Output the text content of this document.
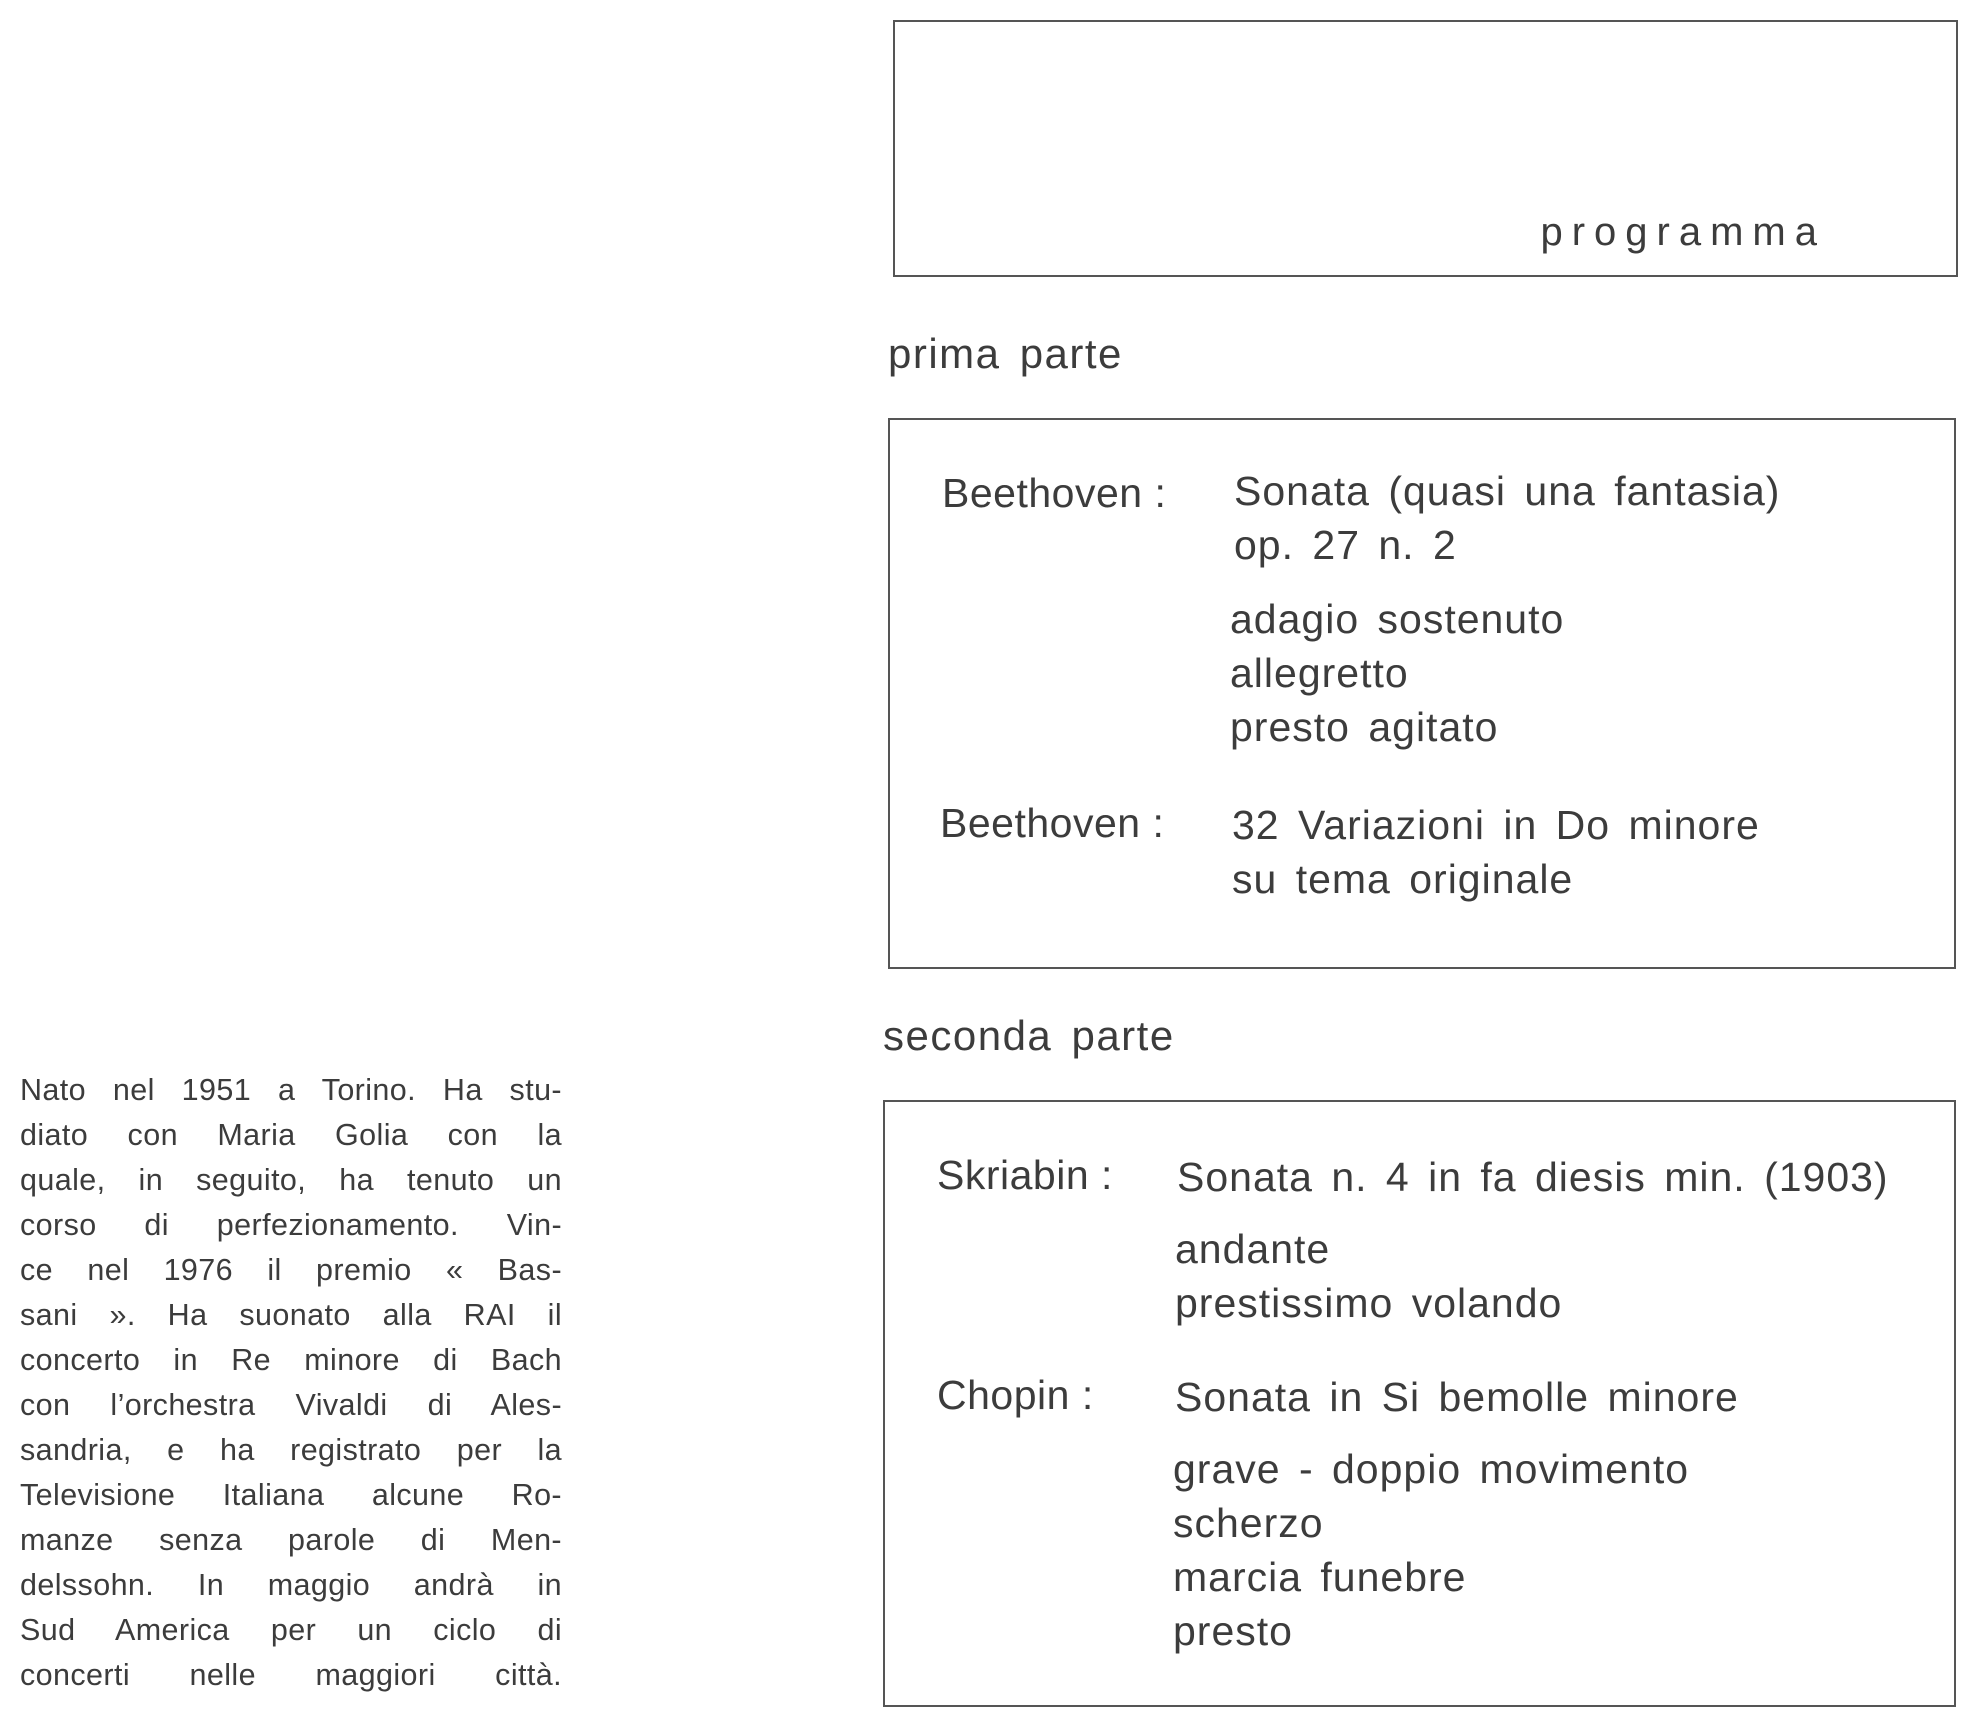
Nato nel 1951 a Torino. Ha stu-
diato con Maria Golia con la
quale, in seguito, ha tenuto un
corso di perfezionamento. Vin-
ce nel 1976 il premio « Bas-
sani ». Ha suonato alla RAI il
concerto in Re minore di Bach
con l’orchestra Vivaldi di Ales-
sandria, e ha registrato per la
Televisione Italiana alcune Ro-
manze senza parole di Men-
delssohn. In maggio andrà in
Sud America per un ciclo di
concerti nelle maggiori città.

programma
prima parte
Beethoven : Sonata (quasi una fantasia)
op. 27 n. 2
adagio sostenuto
allegretto
presto agitato
Beethoven : 32 Variazioni in Do minore
su tema originale
seconda parte
Skriabin : Sonata n. 4 in fa diesis min. (1903)
andante
prestissimo volando
Chopin : Sonata in Si bemolle minore
grave - doppio movimento
scherzo
marcia funebre
presto
